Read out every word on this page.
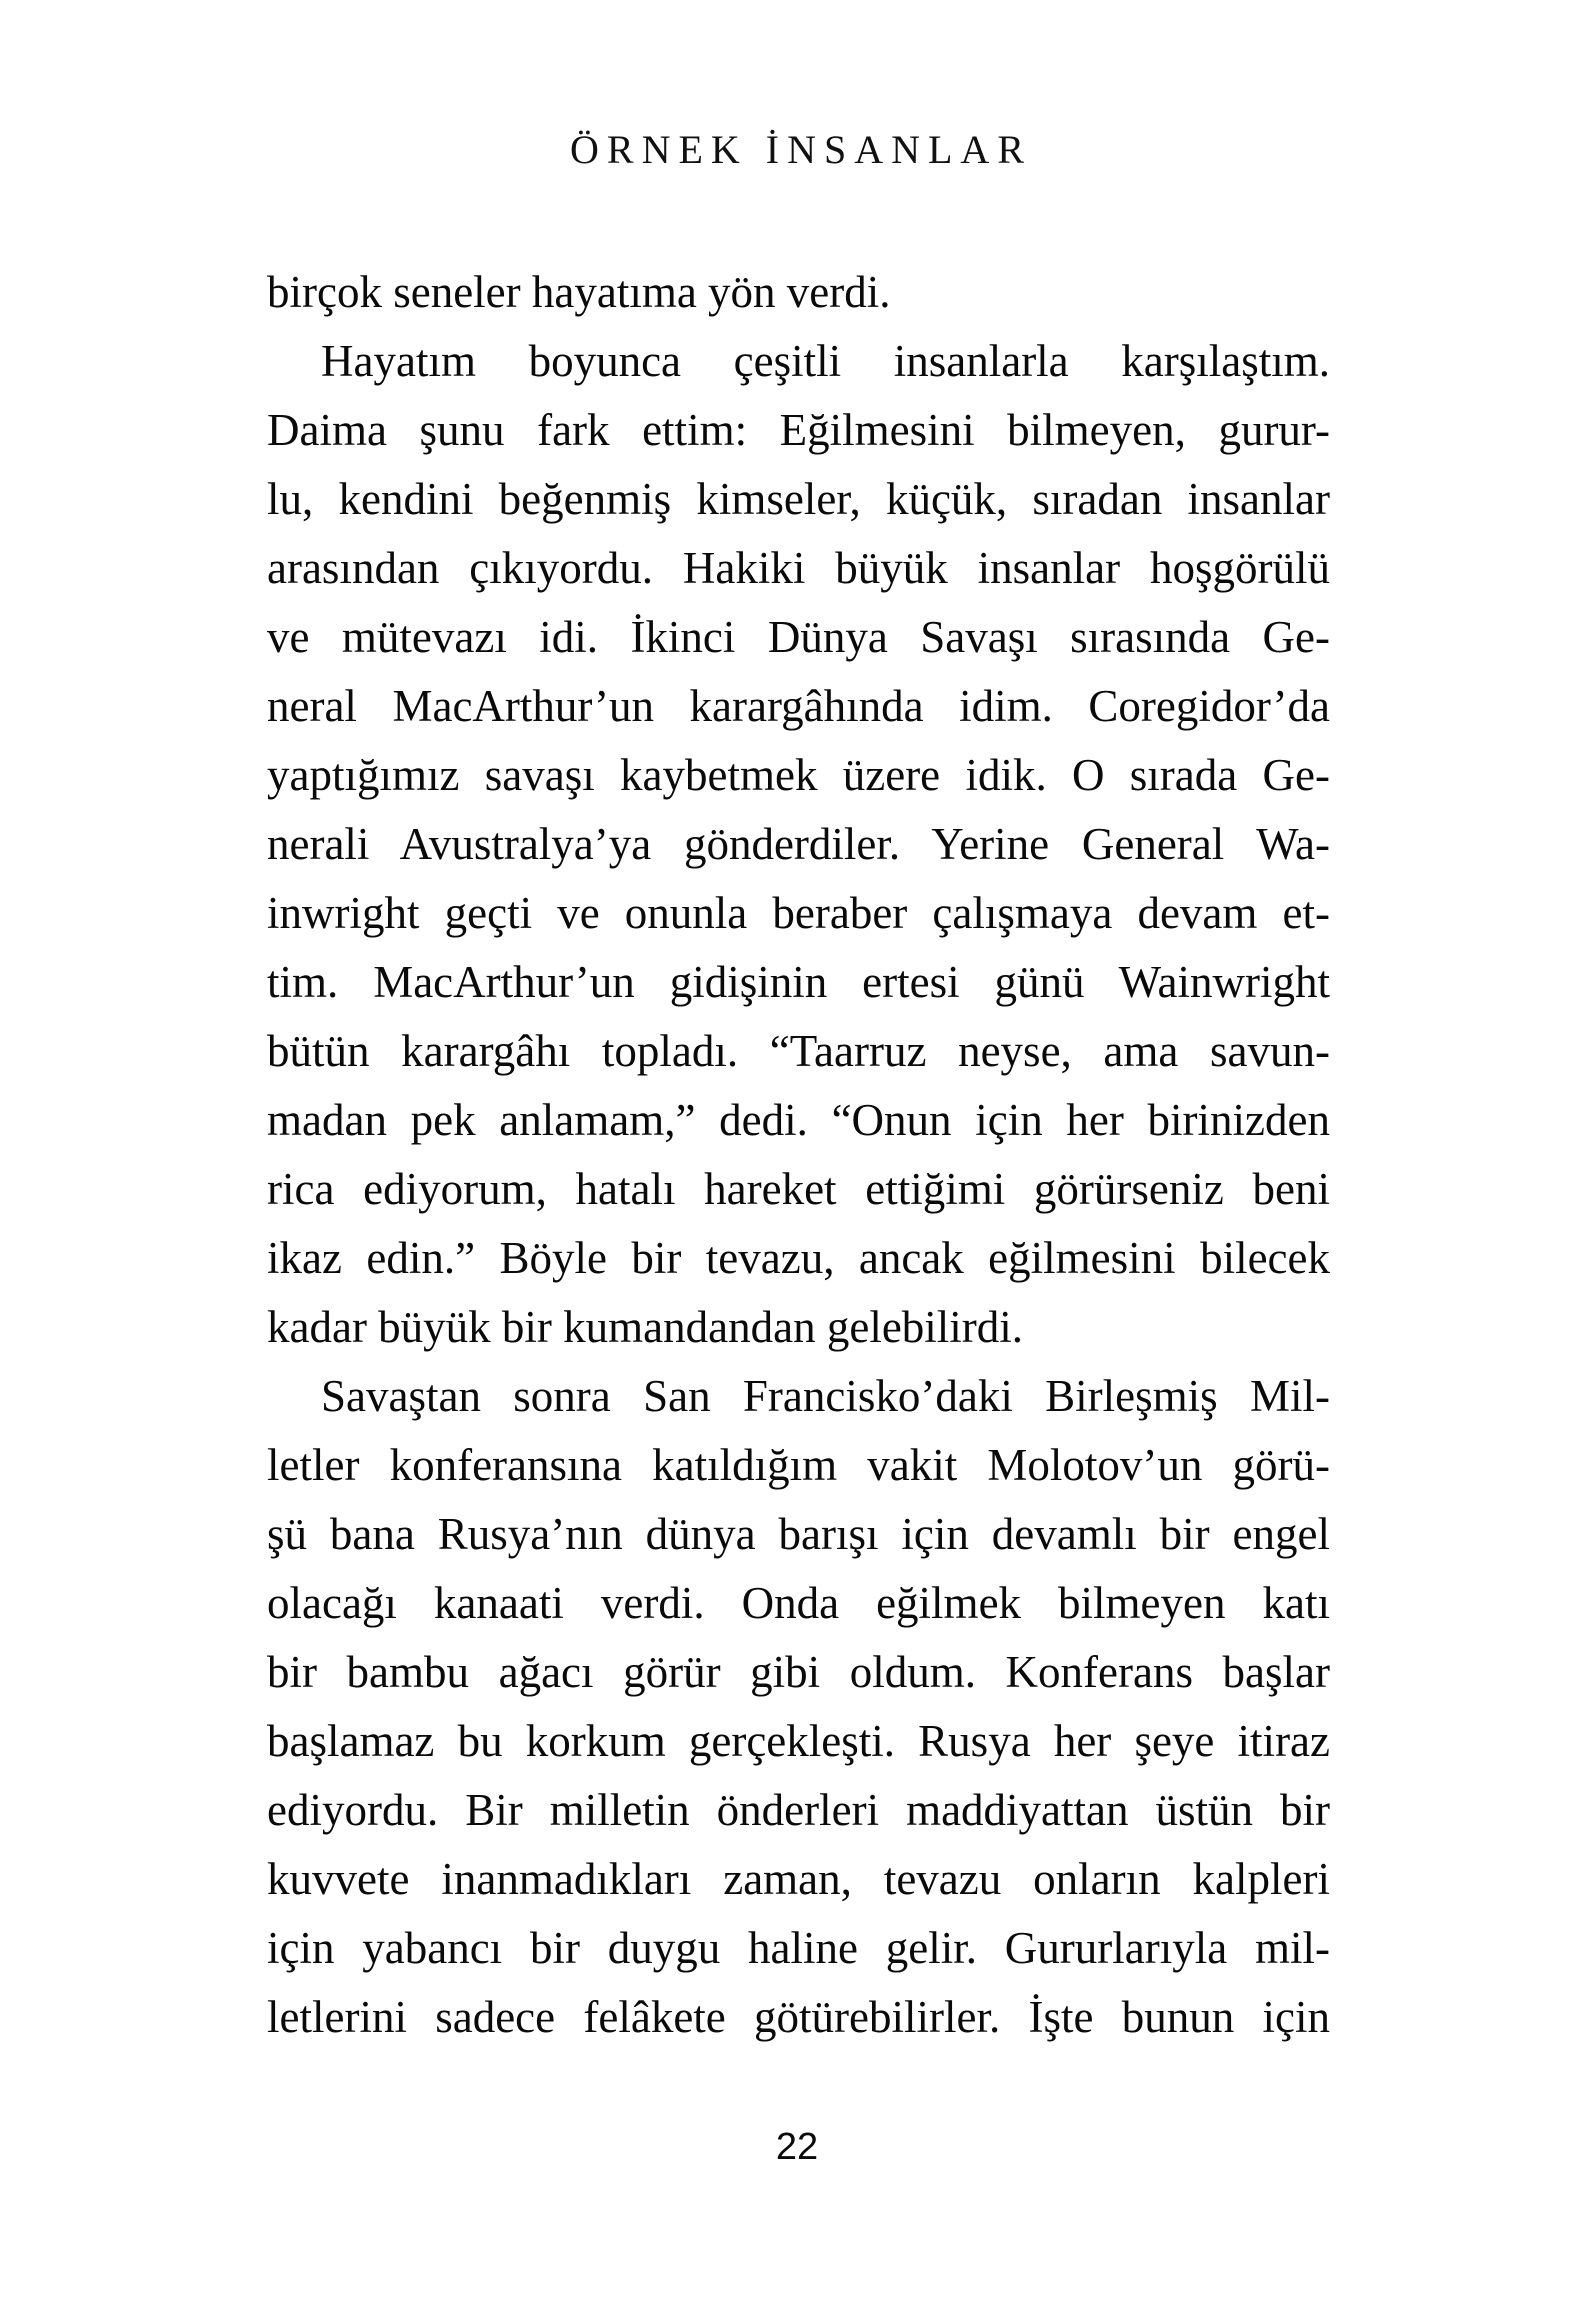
ÖRNEK İNSANLAR
birçok seneler hayatıma yön verdi.
Hayatım boyunca çeşitli insanlarla karşılaştım.
Daima şunu fark ettim: Eğilmesini bilmeyen, gurur-
lu, kendini beğenmiş kimseler, küçük, sıradan insanlar
arasından çıkıyordu. Hakiki büyük insanlar hoşgörülü
ve mütevazı idi. İkinci Dünya Savaşı sırasında Ge-
neral MacArthur’un karargâhında idim. Coregidor’da
yaptığımız savaşı kaybetmek üzere idik. O sırada Ge-
nerali Avustralya’ya gönderdiler. Yerine General Wa-
inwright geçti ve onunla beraber çalışmaya devam et-
tim. MacArthur’un gidişinin ertesi günü Wainwright
bütün karargâhı topladı. “Taarruz neyse, ama savun-
madan pek anlamam,” dedi. “Onun için her birinizden
rica ediyorum, hatalı hareket ettiğimi görürseniz beni
ikaz edin.” Böyle bir tevazu, ancak eğilmesini bilecek
kadar büyük bir kumandandan gelebilirdi.
Savaştan sonra San Francisko’daki Birleşmiş Mil-
letler konferansına katıldığım vakit Molotov’un görü-
şü bana Rusya’nın dünya barışı için devamlı bir engel
olacağı kanaati verdi. Onda eğilmek bilmeyen katı
bir bambu ağacı görür gibi oldum. Konferans başlar
başlamaz bu korkum gerçekleşti. Rusya her şeye itiraz
ediyordu. Bir milletin önderleri maddiyattan üstün bir
kuvvete inanmadıkları zaman, tevazu onların kalpleri
için yabancı bir duygu haline gelir. Gururlarıyla mil-
letlerini sadece felâkete götürebilirler. İşte bunun için
22
